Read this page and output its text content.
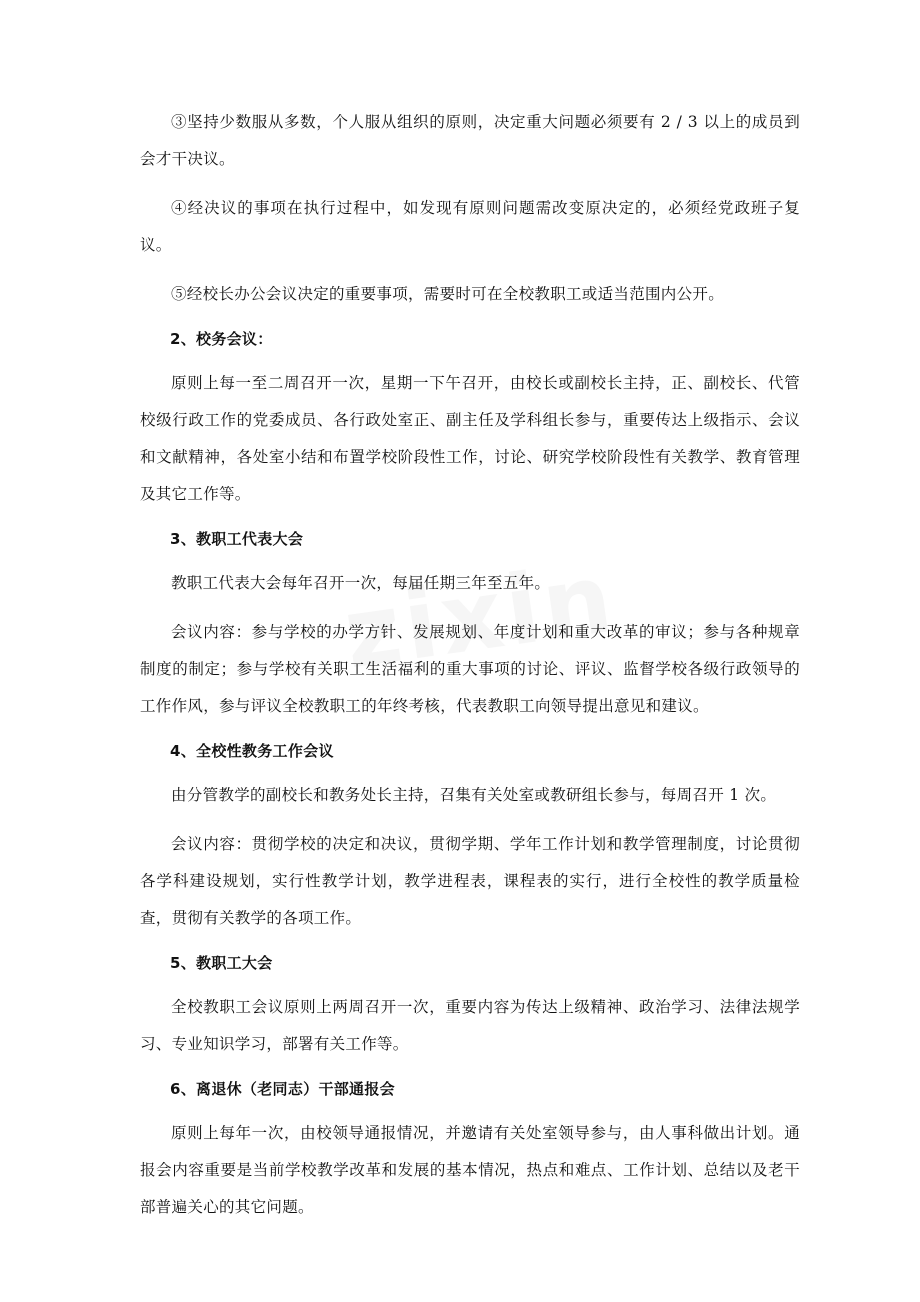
③坚持少数服从多数，个人服从组织的原则，决定重大问题必须要有 2 / 3 以上的成员到会才干决议。

④经决议的事项在执行过程中，如发现有原则问题需改变原决定的，必须经党政班子复议。

⑤经校长办公会议决定的重要事项，需要时可在全校教职工或适当范围内公开。

2、校务会议：

原则上每一至二周召开一次，星期一下午召开，由校长或副校长主持，正、副校长、代管校级行政工作的党委成员、各行政处室正、副主任及学科组长参与，重要传达上级指示、会议和文献精神，各处室小结和布置学校阶段性工作，讨论、研究学校阶段性有关教学、教育管理及其它工作等。

3、教职工代表大会

教职工代表大会每年召开一次，每届任期三年至五年。

会议内容：参与学校的办学方针、发展规划、年度计划和重大改革的审议；参与各种规章制度的制定；参与学校有关职工生活福利的重大事项的讨论、评议、监督学校各级行政领导的工作作风，参与评议全校教职工的年终考核，代表教职工向领导提出意见和建议。

4、全校性教务工作会议

由分管教学的副校长和教务处长主持，召集有关处室或教研组长参与，每周召开 1 次。

会议内容：贯彻学校的决定和决议，贯彻学期、学年工作计划和教学管理制度，讨论贯彻各学科建设规划，实行性教学计划，教学进程表，课程表的实行，进行全校性的教学质量检查，贯彻有关教学的各项工作。

5、教职工大会

全校教职工会议原则上两周召开一次，重要内容为传达上级精神、政治学习、法律法规学习、专业知识学习，部署有关工作等。

6、离退休（老同志）干部通报会

原则上每年一次，由校领导通报情况，并邀请有关处室领导参与，由人事科做出计划。通报会内容重要是当前学校教学改革和发展的基本情况，热点和难点、工作计划、总结以及老干部普遍关心的其它问题。
